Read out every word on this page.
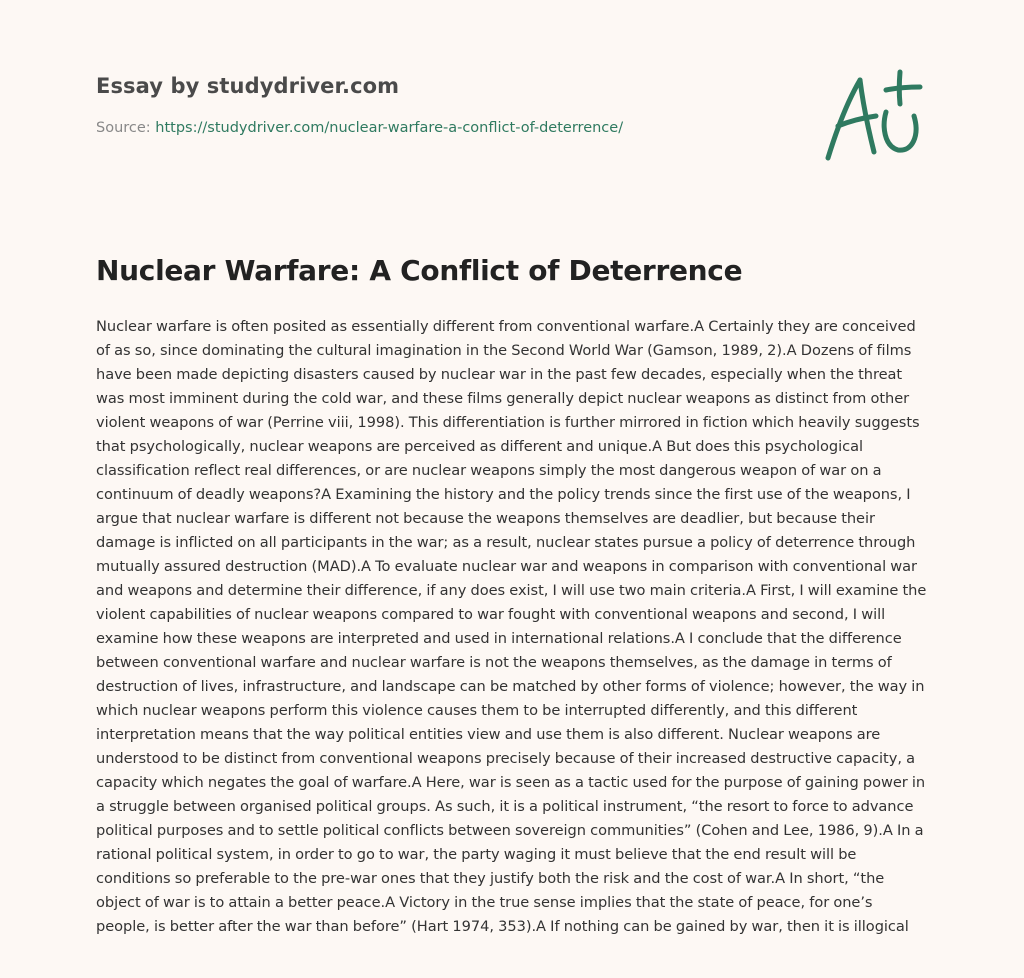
Essay by studydriver.com
Source: https://studydriver.com/nuclear-warfare-a-conflict-of-deterrence/
Nuclear Warfare: A Conflict of Deterrence

Nuclear warfare is often posited as essentially different from conventional warfare.A Certainly they are conceived of as so, since dominating the cultural imagination in the Second World War (Gamson, 1989, 2).A Dozens of films have been made depicting disasters caused by nuclear war in the past few decades, especially when the threat was most imminent during the cold war, and these films generally depict nuclear weapons as distinct from other violent weapons of war (Perrine viii, 1998). This differentiation is further mirrored in fiction which heavily suggests that psychologically, nuclear weapons are perceived as different and unique.A But does this psychological classification reflect real differences, or are nuclear weapons simply the most dangerous weapon of war on a continuum of deadly weapons?A Examining the history and the policy trends since the first use of the weapons, I argue that nuclear warfare is different not because the weapons themselves are deadlier, but because their damage is inflicted on all participants in the war; as a result, nuclear states pursue a policy of deterrence through mutually assured destruction (MAD).A To evaluate nuclear war and weapons in comparison with conventional war and weapons and determine their difference, if any does exist, I will use two main criteria.A First, I will examine the violent capabilities of nuclear weapons compared to war fought with conventional weapons and second, I will examine how these weapons are interpreted and used in international relations.A I conclude that the difference between conventional warfare and nuclear warfare is not the weapons themselves, as the damage in terms of destruction of lives, infrastructure, and landscape can be matched by other forms of violence; however, the way in which nuclear weapons perform this violence causes them to be interrupted differently, and this different interpretation means that the way political entities view and use them is also different. Nuclear weapons are understood to be distinct from conventional weapons precisely because of their increased destructive capacity, a capacity which negates the goal of warfare.A Here, war is seen as a tactic used for the purpose of gaining power in a struggle between organised political groups. As such, it is a political instrument, “the resort to force to advance political purposes and to settle political conflicts between sovereign communities” (Cohen and Lee, 1986, 9).A In a rational political system, in order to go to war, the party waging it must believe that the end result will be conditions so preferable to the pre-war ones that they justify both the risk and the cost of war.A In short, “the object of war is to attain a better peace.A Victory in the true sense implies that the state of peace, for one’s people, is better after the war than before” (Hart 1974, 353).A If nothing can be gained by war, then it is illogical
